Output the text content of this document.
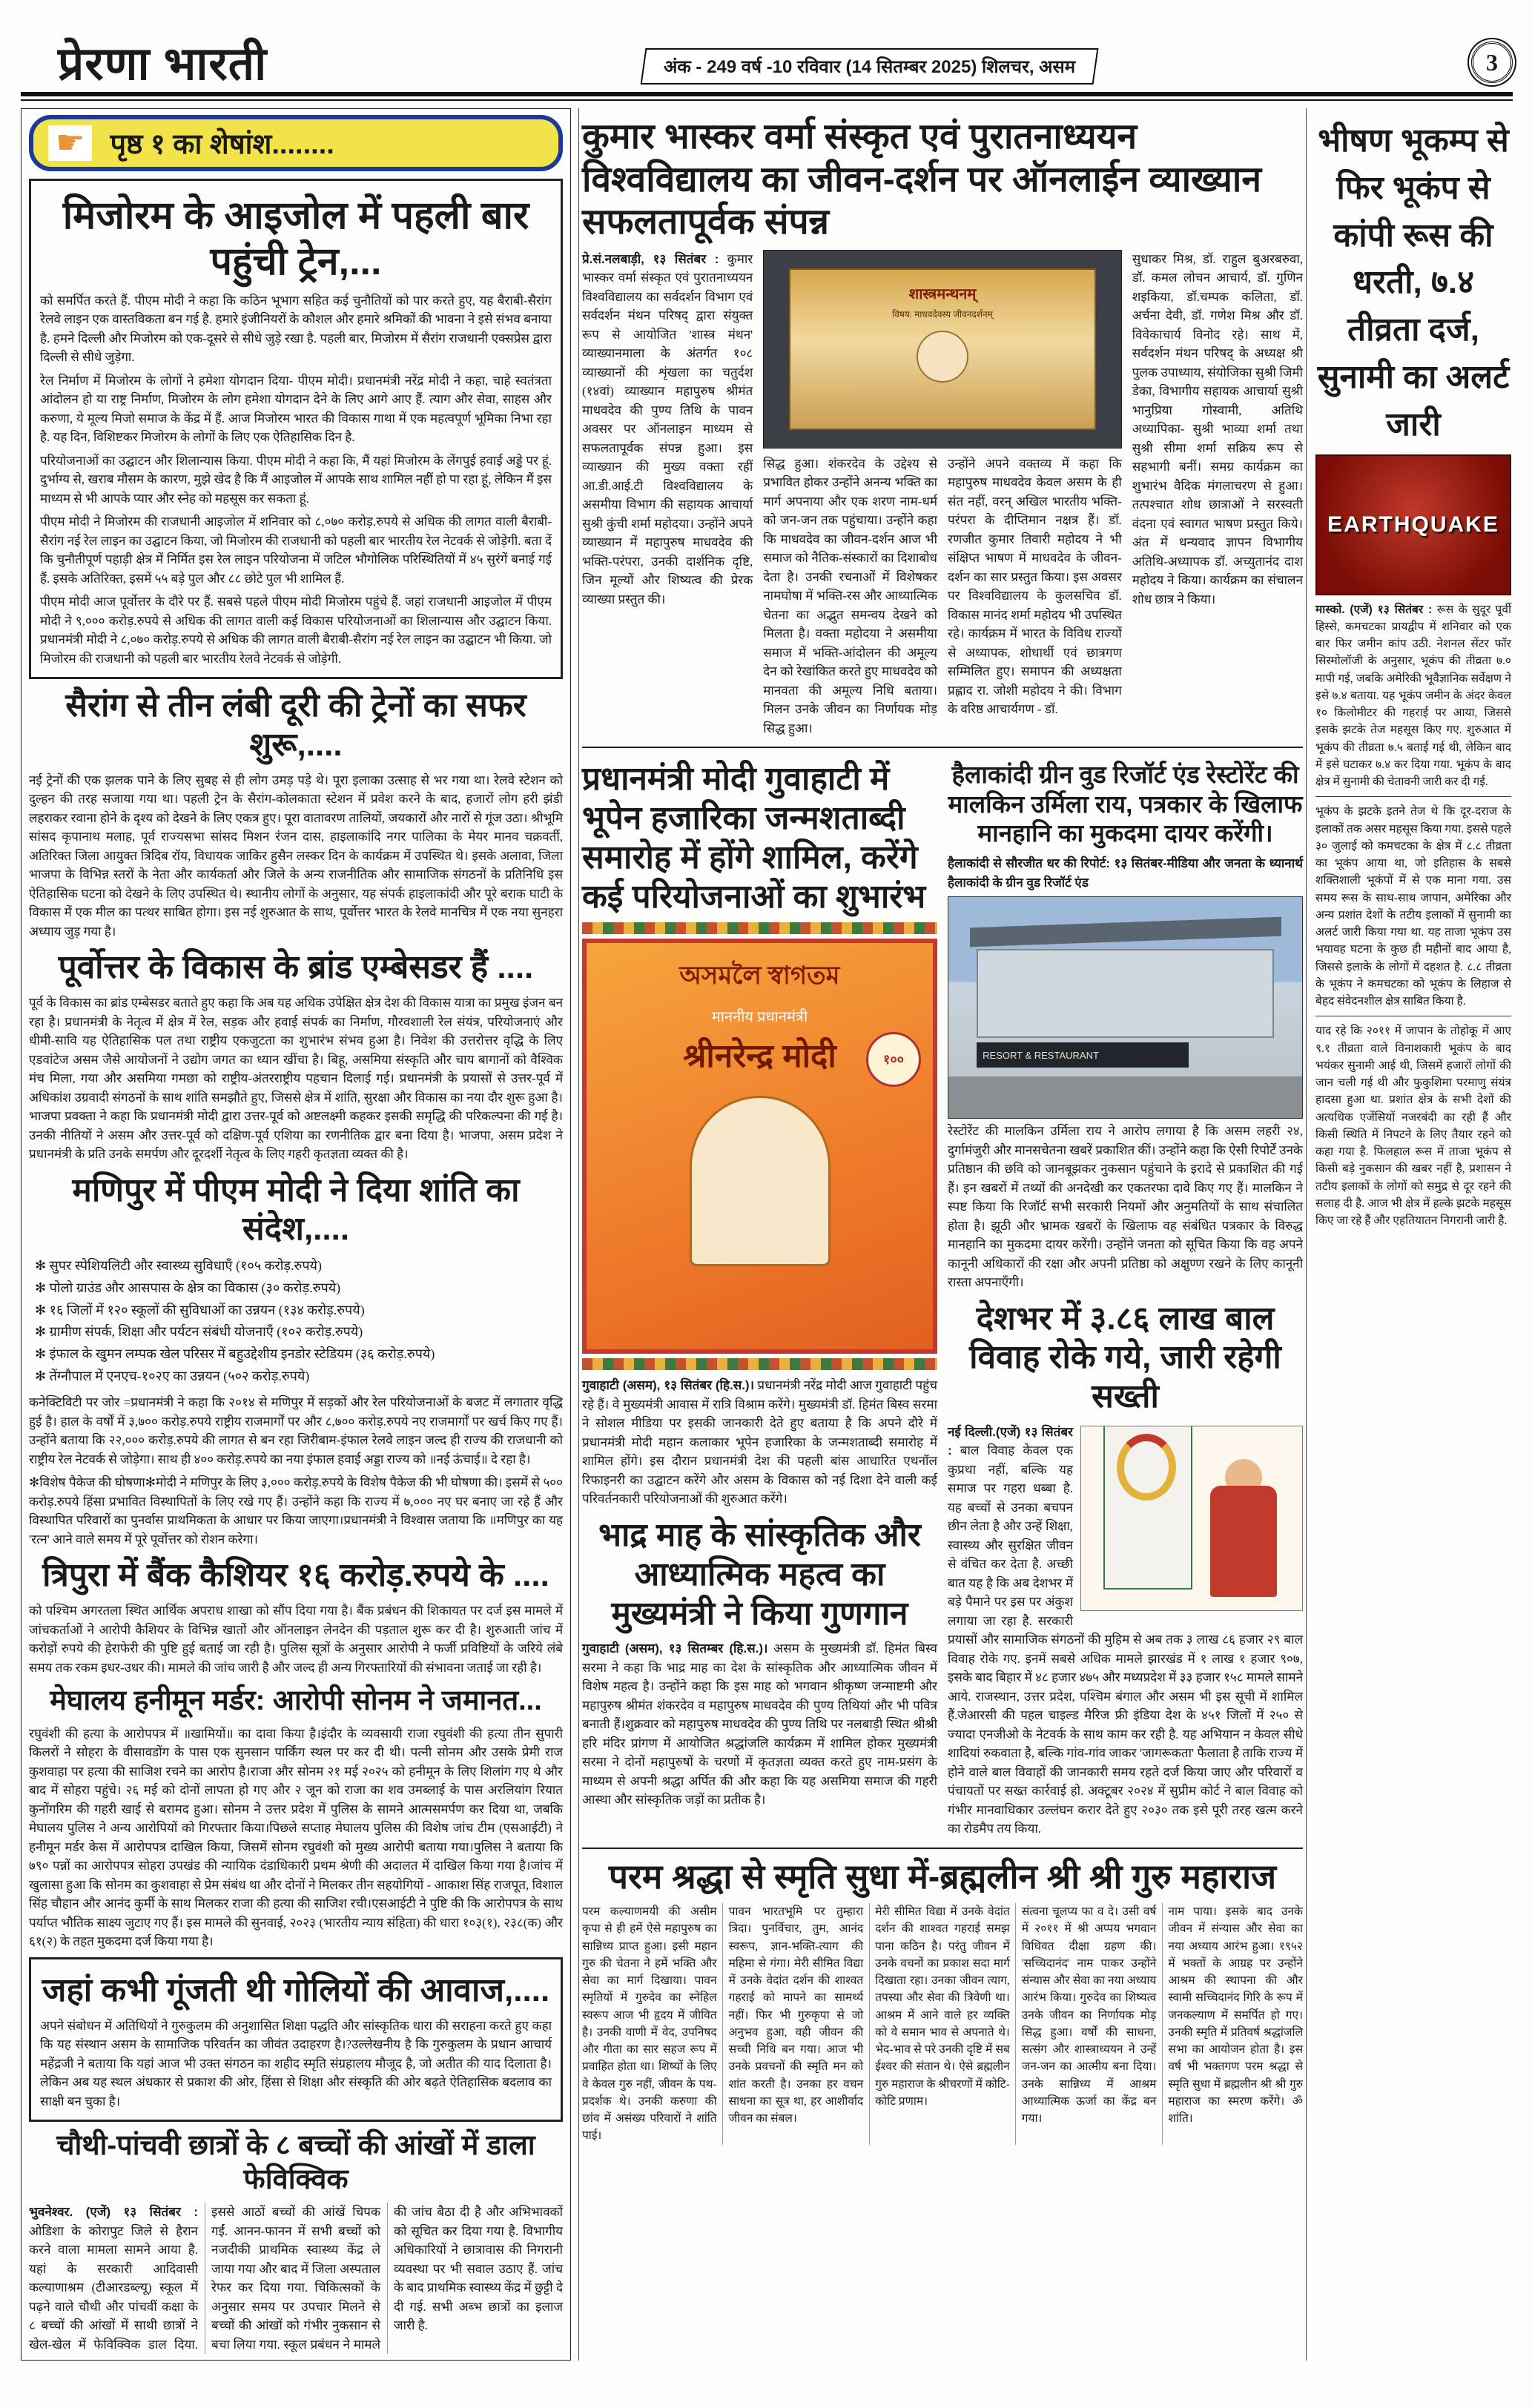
प्रेरणा भारती	अंक - 249 वर्ष -10 रविवार (14 सितम्बर 2025) शिलचर, असम	3
☛ पृष्ठ १ का शेषांश........
मिजोरम के आइजोल में पहली बार पहुंची ट्रेन,...

को समर्पित करते हैं. पीएम मोदी ने कहा कि कठिन भूभाग सहित कई चुनौतियों को पार करते हुए, यह बैराबी-सैरांग रेलवे लाइन एक वास्तविकता बन गई है. हमारे इंजीनियरों के कौशल और हमारे श्रमिकों की भावना ने इसे संभव बनाया है. हमने दिल्ली और मिजोरम को एक-दूसरे से सीधे जुड़े रखा है. पहली बार, मिजोरम में सैरांग राजधानी एक्सप्रेस द्वारा दिल्ली से सीधे जुड़ेगा.

रेल निर्माण में मिजोरम के लोगों ने हमेशा योगदान दिया- पीएम मोदी। प्रधानमंत्री नरेंद्र मोदी ने कहा, चाहे स्वतंत्रता आंदोलन हो या राष्ट्र निर्माण, मिजोरम के लोग हमेशा योगदान देने के लिए आगे आए हैं. त्याग और सेवा, साहस और करुणा, ये मूल्य मिजो समाज के केंद्र में हैं. आज मिजोरम भारत की विकास गाथा में एक महत्वपूर्ण भूमिका निभा रहा है. यह दिन, विशिष्टकर मिजोरम के लोगों के लिए एक ऐतिहासिक दिन है.

परियोजनाओं का उद्घाटन और शिलान्यास किया. पीएम मोदी ने कहा कि, मैं यहां मिजोरम के लेंगपुई हवाई अड्डे पर हूं. दुर्भाग्य से, खराब मौसम के कारण, मुझे खेद है कि मैं आइजोल में आपके साथ शामिल नहीं हो पा रहा हूं, लेकिन मैं इस माध्यम से भी आपके प्यार और स्नेह को महसूस कर सकता हूं.

पीएम मोदी ने मिजोरम की राजधानी आइजोल में शनिवार को ८,०७० करोड़.रुपये से अधिक की लागत वाली बैराबी-सैरांग नई रेल लाइन का उद्घाटन किया, जो मिजोरम की राजधानी को पहली बार भारतीय रेल नेटवर्क से जोड़ेगी. बता दें कि चुनौतीपूर्ण पहाड़ी क्षेत्र में निर्मित इस रेल लाइन परियोजना में जटिल भौगोलिक परिस्थितियों में ४५ सुरंगें बनाई गई हैं. इसके अतिरिक्त, इसमें ५५ बड़े पुल और ८८ छोटे पुल भी शामिल हैं.

पीएम मोदी आज पूर्वोत्तर के दौरे पर हैं. सबसे पहले पीएम मोदी मिजोरम पहुंचे हैं. जहां राजधानी आइजोल में पीएम मोदी ने ९,००० करोड़.रुपये से अधिक की लागत वाली कई विकास परियोजनाओं का शिलान्यास और उद्घाटन किया. प्रधानमंत्री मोदी ने ८,०७० करोड़.रुपये से अधिक की लागत वाली बैराबी-सैरांग नई रेल लाइन का उद्घाटन भी किया. जो मिजोरम की राजधानी को पहली बार भारतीय रेलवे नेटवर्क से जोड़ेगी.

सैरांग से तीन लंबी दूरी की ट्रेनों का सफर शुरू,....

नई ट्रेनों की एक झलक पाने के लिए सुबह से ही लोग उमड़ पड़े थे। पूरा इलाका उत्साह से भर गया था। रेलवे स्टेशन को दुल्हन की तरह सजाया गया था। पहली ट्रेन के सैरांग-कोलकाता स्टेशन में प्रवेश करने के बाद, हजारों लोग हरी झंडी लहराकर रवाना होने के दृश्य को देखने के लिए एकत्र हुए। पूरा वातावरण तालियों, जयकारों और नारों से गूंज उठा। श्रीभूमि सांसद कृपानाथ मलाह, पूर्व राज्यसभा सांसद मिशन रंजन दास, हाइलाकांदि नगर पालिका के मेयर मानव चक्रवर्ती, अतिरिक्त जिला आयुक्त त्रिदिब रॉय, विधायक जाकिर हुसैन लस्कर दिन के कार्यक्रम में उपस्थित थे। इसके अलावा, जिला भाजपा के विभिन्न स्तरों के नेता और कार्यकर्ता और जिले के अन्य राजनीतिक और सामाजिक संगठनों के प्रतिनिधि इस ऐतिहासिक घटना को देखने के लिए उपस्थित थे। स्थानीय लोगों के अनुसार, यह संपर्क हाइलाकांदी और पूरे बराक घाटी के विकास में एक मील का पत्थर साबित होगा। इस नई शुरुआत के साथ, पूर्वोत्तर भारत के रेलवे मानचित्र में एक नया सुनहरा अध्याय जुड़ गया है।

पूर्वोत्तर के विकास के ब्रांड एम्बेसडर हैं ....

पूर्व के विकास का ब्रांड एम्बेसडर बताते हुए कहा कि अब यह अधिक उपेक्षित क्षेत्र देश की विकास यात्रा का प्रमुख इंजन बन रहा है। प्रधानमंत्री के नेतृत्व में क्षेत्र में रेल, सड़क और हवाई संपर्क का निर्माण, गौरवशाली रेल संयंत्र, परियोजनाएं और धीमी-सावि यह ऐतिहासिक पल तथा राष्ट्रीय एकजुटता का शुभारंभ संभव हुआ है। निवेश की उत्तरोत्तर वृद्धि के लिए एडवांटेज असम जैसे आयोजनों ने उद्योग जगत का ध्यान खींचा है। बिहू, असमिया संस्कृति और चाय बागानों को वैश्विक मंच मिला, गया और असमिया गमछा को राष्ट्रीय-अंतरराष्ट्रीय पहचान दिलाई गई। प्रधानमंत्री के प्रयासों से उत्तर-पूर्व में अधिकांश उग्रवादी संगठनों के साथ शांति समझौते हुए, जिससे क्षेत्र में शांति, सुरक्षा और विकास का नया दौर शुरू हुआ है। भाजपा प्रवक्ता ने कहा कि प्रधानमंत्री मोदी द्वारा उत्तर-पूर्व को अष्टलक्ष्मी कहकर इसकी समृद्धि की परिकल्पना की गई है। उनकी नीतियों ने असम और उत्तर-पूर्व को दक्षिण-पूर्व एशिया का रणनीतिक द्वार बना दिया है। भाजपा, असम प्रदेश ने प्रधानमंत्री के प्रति उनके समर्पण और दूरदर्शी नेतृत्व के लिए गहरी कृतज्ञता व्यक्त की है।

मणिपुर में पीएम मोदी ने दिया शांति का संदेश,....
✻ सुपर स्पेशियलिटी और स्वास्थ्य सुविधाएँ (१०५ करोड़.रुपये)
✻ पोलो ग्राउंड और आसपास के क्षेत्र का विकास (३० करोड़.रुपये)
✻ १६ जिलों में १२० स्कूलों की सुविधाओं का उन्नयन (१३४ करोड़.रुपये)
✻ ग्रामीण संपर्क, शिक्षा और पर्यटन संबंधी योजनाएँ (१०२ करोड़.रुपये)
✻ इंफाल के खुमन लम्पक खेल परिसर में बहुउद्देशीय इनडोर स्टेडियम (३६ करोड़.रुपये)
✻ तेंग्नौपाल में एनएच-१०२ए का उन्नयन (५०२ करोड़.रुपये)

कनेक्टिविटी पर जोर =प्रधानमंत्री ने कहा कि २०१४ से मणिपुर में सड़कों और रेल परियोजनाओं के बजट में लगातार वृद्धि हुई है। हाल के वर्षों में ३,७०० करोड़.रुपये राष्ट्रीय राजमार्गों पर और ८,७०० करोड़.रुपये नए राजमार्गों पर खर्च किए गए हैं।उन्होंने बताया कि २२,००० करोड़.रुपये की लागत से बन रहा जिरीबाम-इंफाल रेलवे लाइन जल्द ही राज्य की राजधानी को राष्ट्रीय रेल नेटवर्क से जोड़ेगा। साथ ही ४०० करोड़.रुपये का नया इंफाल हवाई अड्डा राज्य को ॥नई ऊंचाई॥ दे रहा है।

✻विशेष पैकेज की घोषणा✻मोदी ने मणिपुर के लिए ३,००० करोड़.रुपये के विशेष पैकेज की भी घोषणा की। इसमें से ५०० करोड़.रुपये हिंसा प्रभावित विस्थापितों के लिए रखे गए हैं। उन्होंने कहा कि राज्य में ७,००० नए घर बनाए जा रहे हैं और विस्थापित परिवारों का पुनर्वास प्राथमिकता के आधार पर किया जाएगा।प्रधानमंत्री ने विश्वास जताया कि ॥मणिपुर का यह 'रत्न' आने वाले समय में पूरे पूर्वोत्तर को रोशन करेगा।

त्रिपुरा में बैंक कैशियर १६ करोड़.रुपये के ....

को पश्चिम अगरतला स्थित आर्थिक अपराध शाखा को सौंप दिया गया है। बैंक प्रबंधन की शिकायत पर दर्ज इस मामले में जांचकर्ताओं ने आरोपी कैशियर के विभिन्न खातों और ऑनलाइन लेनदेन की पड़ताल शुरू कर दी है। शुरुआती जांच में करोड़ों रुपये की हेराफेरी की पुष्टि हुई बताई जा रही है। पुलिस सूत्रों के अनुसार आरोपी ने फर्जी प्रविष्टियों के जरिये लंबे समय तक रकम इधर-उधर की। मामले की जांच जारी है और जल्द ही अन्य गिरफ्तारियों की संभावना जताई जा रही है।

मेघालय हनीमून मर्डर: आरोपी सोनम ने जमानत...

रघुवंशी की हत्या के आरोपपत्र में ॥खामियों॥ का दावा किया है।इंदौर के व्यवसायी राजा रघुवंशी की हत्या तीन सुपारी किलरों ने सोहरा के वीसावडोंग के पास एक सुनसान पार्किंग स्थल पर कर दी थी। पत्नी सोनम और उसके प्रेमी राज कुशवाहा पर हत्या की साजिश रचने का आरोप है।राजा और सोनम २१ मई २०२५ को हनीमून के लिए शिलांग गए थे और बाद में सोहरा पहुंचे। २६ मई को दोनों लापता हो गए और २ जून को राजा का शव उमब्लाई के पास अरलियांग रियात कुनोंगरिम की गहरी खाई से बरामद हुआ। सोनम ने उत्तर प्रदेश में पुलिस के सामने आत्मसमर्पण कर दिया था, जबकि मेघालय पुलिस ने अन्य आरोपियों को गिरफ्तार किया।पिछले सप्ताह मेघालय पुलिस की विशेष जांच टीम (एसआईटी) ने हनीमून मर्डर केस में आरोपपत्र दाखिल किया, जिसमें सोनम रघुवंशी को मुख्य आरोपी बताया गया।पुलिस ने बताया कि ७९० पन्नों का आरोपपत्र सोहरा उपखंड की न्यायिक दंडाधिकारी प्रथम श्रेणी की अदालत में दाखिल किया गया है।जांच में खुलासा हुआ कि सोनम का कुशवाहा से प्रेम संबंध था और दोनों ने मिलकर तीन सहयोगियों - आकाश सिंह राजपूत, विशाल सिंह चौहान और आनंद कुर्मी के साथ मिलकर राजा की हत्या की साजिश रची।एसआईटी ने पुष्टि की कि आरोपपत्र के साथ पर्याप्त भौतिक साक्ष्य जुटाए गए हैं। इस मामले की सुनवाई, २०२३ (भारतीय न्याय संहिता) की धारा १०३(१), २३८(क) और ६१(२) के तहत मुकदमा दर्ज किया गया है।

जहां कभी गूंजती थी गोलियों की आवाज,....

अपने संबोधन में अतिथियों ने गुरुकुलम की अनुशासित शिक्षा पद्धति और सांस्कृतिक धारा की सराहना करते हुए कहा कि यह संस्थान असम के सामाजिक परिवर्तन का जीवंत उदाहरण है।?उल्लेखनीय है कि गुरुकुलम के प्रधान आचार्य महेंद्रजी ने बताया कि यहां आज भी उक्त संगठन का शहीद स्मृति संग्रहालय मौजूद है, जो अतीत की याद दिलाता है। लेकिन अब यह स्थल अंधकार से प्रकाश की ओर, हिंसा से शिक्षा और संस्कृति की ओर बढ़ते ऐतिहासिक बदलाव का साक्षी बन चुका है।

चौथी-पांचवी छात्रों के ८ बच्चों की आंखों में डाला फेविक्विक

भुवनेश्वर. (एजें) १३ सितंबर : ओडिशा के कोरापुट जिले से हैरान करने वाला मामला सामने आया है. यहां के सरकारी आदिवासी कल्याणाश्रम (टीआरडब्ल्यू) स्कूल में पढ़ने वाले चौथी और पांचवीं कक्षा के ८ बच्चों की आंखों में साथी छात्रों ने खेल-खेल में फेविक्विक डाल दिया. इससे आठों बच्चों की आंखें चिपक गईं. आनन-फानन में सभी बच्चों को नजदीकी प्राथमिक स्वास्थ्य केंद्र ले जाया गया और बाद में जिला अस्पताल रेफर कर दिया गया. चिकित्सकों के अनुसार समय पर उपचार मिलने से बच्चों की आंखों को गंभीर नुकसान से बचा लिया गया. स्कूल प्रबंधन ने मामले की जांच बैठा दी है और अभिभावकों को सूचित कर दिया गया है. विभागीय अधिकारियों ने छात्रावास की निगरानी व्यवस्था पर भी सवाल उठाए हैं. जांच के बाद प्राथमिक स्वास्थ्य केंद्र में छुट्टी दे दी गई. सभी अब्भ छात्रों का इलाज जारी है.

कुमार भास्कर वर्मा संस्कृत एवं पुरातनाध्ययन विश्वविद्यालय का जीवन-दर्शन पर ऑनलाईन व्याख्यान सफलतापूर्वक संपन्न

प्रे.सं.नलबाड़ी, १३ सितंबर : कुमार भास्कर वर्मा संस्कृत एवं पुरातनाध्ययन विश्वविद्यालय का सर्वदर्शन विभाग एवं सर्वदर्शन मंथन परिषद् द्वारा संयुक्त रूप से आयोजित 'शास्त्र मंथन' व्याख्यानमाला के अंतर्गत १०८ व्याख्यानों की शृंखला का चतुर्दश (१४वां) व्याख्यान महापुरुष श्रीमंत माधवदेव की पुण्य तिथि के पावन अवसर पर ऑनलाइन माध्यम से सफलतापूर्वक संपन्न हुआ। इस व्याख्यान की मुख्य वक्ता रहीं आ.डी.आई.टी विश्वविद्यालय के असमीया विभाग की सहायक आचार्या सुश्री कुंची शर्मा महोदया। उन्होंने अपने व्याख्यान में महापुरुष माधवदेव की भक्ति-परंपरा, उनकी दार्शनिक दृष्टि, जिन मूल्यों और शिष्यत्व की प्रेरक व्याख्या प्रस्तुत की।

शास्त्रमन्थनम्
विषय: माधवदेवस्य जीवनदर्शनम्

सिद्ध हुआ। शंकरदेव के उद्देश्य से प्रभावित होकर उन्होंने अनन्य भक्ति का मार्ग अपनाया और एक शरण नाम-धर्म को जन-जन तक पहुंचाया। उन्होंने कहा कि माधवदेव का जीवन-दर्शन आज भी समाज को नैतिक-संस्कारों का दिशाबोध देता है। उनकी रचनाओं में विशेषकर नामघोषा में भक्ति-रस और आध्यात्मिक चेतना का अद्भुत समन्वय देखने को मिलता है। वक्ता महोदया ने असमीया समाज में भक्ति-आंदोलन की अमूल्य देन को रेखांकित करते हुए माधवदेव को मानवता की अमूल्य निधि बताया। मिलन उनके जीवन का निर्णायक मोड़ सिद्ध हुआ।

उन्होंने अपने वक्तव्य में कहा कि महापुरुष माधवदेव केवल असम के ही संत नहीं, वरन् अखिल भारतीय भक्ति-परंपरा के दीप्तिमान नक्षत्र हैं। डॉ. रणजीत कुमार तिवारी महोदय ने भी संक्षिप्त भाषण में माधवदेव के जीवन-दर्शन का सार प्रस्तुत किया। इस अवसर पर विश्वविद्यालय के कुलसचिव डॉ. विकास मानंद शर्मा महोदय भी उपस्थित रहे। कार्यक्रम में भारत के विविध राज्यों से अध्यापक, शोधार्थी एवं छात्रगण सम्मिलित हुए। समापन की अध्यक्षता प्रह्लाद रा. जोशी महोदय ने की। विभाग के वरिष्ठ आचार्यगण - डॉ.

सुधाकर मिश्र, डॉ. राहुल बुअरबरुवा, डॉ. कमल लोचन आचार्य, डॉ. गुणिन शइकिया, डॉ.चम्पक कलिता, डॉ. अर्चना देवी, डॉ. गणेश मिश्र और डॉ. विवेकाचार्य विनोद रहे। साथ में, सर्वदर्शन मंथन परिषद् के अध्यक्ष श्री पुलक उपाध्याय, संयोजिका सुश्री जिमी डेका, विभागीय सहायक आचार्या सुश्री भानुप्रिया गोस्वामी, अतिथि अध्यापिका- सुश्री भाव्या शर्मा तथा सुश्री सीमा शर्मा सक्रिय रूप से सहभागी बनीं। समग्र कार्यक्रम का शुभारंभ वैदिक मंगलाचरण से हुआ। तत्पश्चात शोध छात्राओं ने सरस्वती वंदना एवं स्वागत भाषण प्रस्तुत किये। अंत में धन्यवाद ज्ञापन विभागीय अतिथि-अध्यापक डॉ. अच्युतानंद दाश महोदय ने किया। कार्यक्रम का संचालन शोध छात्र ने किया।

प्रधानमंत्री मोदी गुवाहाटी में भूपेन हजारिका जन्मशताब्दी समारोह में होंगे शामिल, करेंगे कई परियोजनाओं का शुभारंभ
অসমলৈ স্বাগতম
माननीय प्रधानमंत्री
श्रीनरेन्द्र मोदी	१००

गुवाहाटी (असम), १३ सितंबर (हि.स.)। प्रधानमंत्री नरेंद्र मोदी आज गुवाहाटी पहुंच रहे हैं। वे मुख्यमंत्री आवास में रात्रि विश्राम करेंगे। मुख्यमंत्री डॉ. हिमंत बिस्व सरमा ने सोशल मीडिया पर इसकी जानकारी देते हुए बताया है कि अपने दौरे में प्रधानमंत्री मोदी महान कलाकार भूपेन हजारिका के जन्मशताब्दी समारोह में शामिल होंगे। इस दौरान प्रधानमंत्री देश की पहली बांस आधारित एथनॉल रिफाइनरी का उद्घाटन करेंगे और असम के विकास को नई दिशा देने वाली कई परिवर्तनकारी परियोजनाओं की शुरुआत करेंगे।

भाद्र माह के सांस्कृतिक और आध्यात्मिक महत्व का मुख्यमंत्री ने किया गुणगान

गुवाहाटी (असम), १३ सितम्बर (हि.स.)। असम के मुख्यमंत्री डॉ. हिमंत बिस्व सरमा ने कहा कि भाद्र माह का देश के सांस्कृतिक और आध्यात्मिक जीवन में विशेष महत्व है। उन्होंने कहा कि इस माह को भगवान श्रीकृष्ण जन्माष्टमी और महापुरुष श्रीमंत शंकरदेव व महापुरुष माधवदेव की पुण्य तिथियां और भी पवित्र बनाती हैं।शुक्रवार को महापुरुष माधवदेव की पुण्य तिथि पर नलबाड़ी स्थित श्रीश्री हरि मंदिर प्रांगण में आयोजित श्रद्धांजलि कार्यक्रम में शामिल होकर मुख्यमंत्री सरमा ने दोनों महापुरुषों के चरणों में कृतज्ञता व्यक्त करते हुए नाम-प्रसंग के माध्यम से अपनी श्रद्धा अर्पित की और कहा कि यह असमिया समाज की गहरी आस्था और सांस्कृतिक जड़ों का प्रतीक है।

हैलाकांदी ग्रीन वुड रिजॉर्ट एंड रेस्टोरेंट की मालकिन उर्मिला राय, पत्रकार के खिलाफ मानहानि का मुकदमा दायर करेंगी।

हैलाकांदी से सौरजीत धर की रिपोर्ट: १३ सितंबर-मीडिया और जनता के ध्यानार्थ हैलाकांदी के ग्रीन वुड रिजॉर्ट एंड

RESORT & RESTAURANT

रेस्टोरेंट की मालकिन उर्मिला राय ने आरोप लगाया है कि असम लहरी २४, दुर्गामंजुरी और मानसचेतना खबरें प्रकाशित कीं। उन्होंने कहा कि ऐसी रिपोर्टें उनके प्रतिष्ठान की छवि को जानबूझकर नुकसान पहुंचाने के इरादे से प्रकाशित की गई हैं। इन खबरों में तथ्यों की अनदेखी कर एकतरफा दावे किए गए हैं। मालकिन ने स्पष्ट किया कि रिजॉर्ट सभी सरकारी नियमों और अनुमतियों के साथ संचालित होता है। झूठी और भ्रामक खबरों के खिलाफ वह संबंधित पत्रकार के विरुद्ध मानहानि का मुकदमा दायर करेंगी। उन्होंने जनता को सूचित किया कि वह अपने कानूनी अधिकारों की रक्षा और अपनी प्रतिष्ठा को अक्षुण्ण रखने के लिए कानूनी रास्ता अपनाएँगी।

देशभर में ३.८६ लाख बाल विवाह रोके गये, जारी रहेगी सख्ती

नई दिल्ली.(एजें) १३ सितंबर : बाल विवाह केवल एक कुप्रथा नहीं, बल्कि यह समाज पर गहरा धब्बा है. यह बच्चों से उनका बचपन छीन लेता है और उन्हें शिक्षा, स्वास्थ्य और सुरक्षित जीवन से वंचित कर देता है. अच्छी बात यह है कि अब देशभर में बड़े पैमाने पर इस पर अंकुश लगाया जा रहा है. सरकारी प्रयासों और सामाजिक संगठनों की मुहिम से अब तक ३ लाख ८६ हजार २९ बाल विवाह रोके गए. इनमें सबसे अधिक मामले झारखंड में १ लाख १ हजार ९०७, इसके बाद बिहार में ४८ हजार ४७५ और मध्यप्रदेश में ३३ हजार १५८ मामले सामने आये. राजस्थान, उत्तर प्रदेश, पश्चिम बंगाल और असम भी इस सूची में शामिल हैं.जेआरसी की पहल चाइल्ड मैरिज फ्री इंडिया देश के ४५१ जिलों में २५० से ज्यादा एनजीओ के नेटवर्क के साथ काम कर रही है. यह अभियान न केवल सीधे शादियां रुकवाता है, बल्कि गांव-गांव जाकर 'जागरूकता' फैलाता है ताकि राज्य में होने वाले बाल विवाहों की जानकारी समय रहते दर्ज किया जाए और परिवारों व पंचायतों पर सख्त कार्रवाई हो. अक्टूबर २०२४ में सुप्रीम कोर्ट ने बाल विवाह को गंभीर मानवाधिकार उल्लंघन करार देते हुए २०३० तक इसे पूरी तरह खत्म करने का रोडमैप तय किया.

परम श्रद्धा से स्मृति सुधा में-ब्रह्मलीन श्री श्री गुरु महाराज

परम कल्याणमयी की असीम कृपा से ही हमें ऐसे महापुरुष का सान्निध्य प्राप्त हुआ। इसी महान गुरु की चेतना ने हमें भक्ति और सेवा का मार्ग दिखाया। पावन स्मृतियों में गुरुदेव का स्नेहिल स्वरूप आज भी हृदय में जीवित है। उनकी वाणी में वेद, उपनिषद और गीता का सार सहज रूप में प्रवाहित होता था। शिष्यों के लिए वे केवल गुरु नहीं, जीवन के पथ-प्रदर्शक थे। उनकी करुणा की छांव में असंख्य परिवारों ने शांति पाई।

पावन भारतभूमि पर तुम्हारा त्रिदा। पुनर्विचार, तुम, आनंद स्वरूप, ज्ञान-भक्ति-त्याग की महिमा से गंगा। मेरी सीमित विद्या में उनके वेदांत दर्शन की शाश्वत गहराई को मापने का सामर्थ्य नहीं। फिर भी गुरुकृपा से जो अनुभव हुआ, वही जीवन की सच्ची निधि बन गया। आज भी उनके प्रवचनों की स्मृति मन को शांत करती है। उनका हर वचन साधना का सूत्र था, हर आशीर्वाद जीवन का संबल।

मेरी सीमित विद्या में उनके वेदांत दर्शन की शाश्वत गहराई समझ पाना कठिन है। परंतु जीवन में उनके वचनों का प्रकाश सदा मार्ग दिखाता रहा। उनका जीवन त्याग, तपस्या और सेवा की त्रिवेणी था। आश्रम में आने वाले हर व्यक्ति को वे समान भाव से अपनाते थे। भेद-भाव से परे उनकी दृष्टि में सब ईश्वर की संतान थे। ऐसे ब्रह्मलीन गुरु महाराज के श्रीचरणों में कोटि-कोटि प्रणाम।

संत्वना चूलप्य फा व दे। उसी वर्ष में २०११ में श्री अप्पय भगवान विधिवत दीक्षा ग्रहण की। 'सच्चिदानंद' नाम पाकर उन्होंने संन्यास और सेवा का नया अध्याय आरंभ किया। गुरुदेव का शिष्यत्व उनके जीवन का निर्णायक मोड़ सिद्ध हुआ। वर्षों की साधना, सत्संग और शास्त्राध्ययन ने उन्हें जन-जन का आत्मीय बना दिया। उनके सान्निध्य में आश्रम आध्यात्मिक ऊर्जा का केंद्र बन गया।

नाम पाया। इसके बाद उनके जीवन में संन्यास और सेवा का नया अध्याय आरंभ हुआ। १९५२ में भक्तों के आग्रह पर उन्होंने आश्रम की स्थापना की और स्वामी सच्चिदानंद गिरि के रूप में जनकल्याण में समर्पित हो गए। उनकी स्मृति में प्रतिवर्ष श्रद्धांजलि सभा का आयोजन होता है। इस वर्ष भी भक्तगण परम श्रद्धा से स्मृति सुधा में ब्रह्मलीन श्री श्री गुरु महाराज का स्मरण करेंगे। ॐ शांति।

भीषण भूकम्प से फिर भूकंप से कांपी रूस की धरती, ७.४ तीव्रता दर्ज, सुनामी का अलर्ट जारी
EARTHQUAKE

मास्को. (एजें) १३ सितंबर : रूस के सुदूर पूर्वी हिस्से, कमचटका प्रायद्वीप में शनिवार को एक बार फिर जमीन कांप उठी. नेशनल सेंटर फॉर सिस्मोलॉजी के अनुसार, भूकंप की तीव्रता ७.० मापी गई, जबकि अमेरिकी भूवैज्ञानिक सर्वेक्षण ने इसे ७.४ बताया. यह भूकंप जमीन के अंदर केवल १० किलोमीटर की गहराई पर आया, जिससे इसके झटके तेज महसूस किए गए. शुरुआत में भूकंप की तीव्रता ७.५ बताई गई थी, लेकिन बाद में इसे घटाकर ७.४ कर दिया गया. भूकंप के बाद क्षेत्र में सुनामी की चेतावनी जारी कर दी गई.

भूकंप के झटके इतने तेज थे कि दूर-दराज के इलाकों तक असर महसूस किया गया. इससे पहले ३० जुलाई को कमचटका के क्षेत्र में ८.८ तीव्रता का भूकंप आया था, जो इतिहास के सबसे शक्तिशाली भूकंपों में से एक माना गया. उस समय रूस के साथ-साथ जापान, अमेरिका और अन्य प्रशांत देशों के तटीय इलाकों में सुनामी का अलर्ट जारी किया गया था. यह ताजा भूकंप उस भयावह घटना के कुछ ही महीनों बाद आया है, जिससे इलाके के लोगों में दहशत है. ८.८ तीव्रता के भूकंप ने कमचटका को भूकंप के लिहाज से बेहद संवेदनशील क्षेत्र साबित किया है.

याद रहे कि २०११ में जापान के तोहोकू में आए ९.१ तीव्रता वाले विनाशकारी भूकंप के बाद भयंकर सुनामी आई थी, जिसमें हजारों लोगों की जान चली गई थी और फुकुशिमा परमाणु संयंत्र हादसा हुआ था. प्रशांत क्षेत्र के सभी देशों की अत्यधिक एजेंसियों नजरबंदी का रही हैं और किसी स्थिति में निपटने के लिए तैयार रहने को कहा गया है. फिलहाल रूस में ताजा भूकंप से किसी बड़े नुकसान की खबर नहीं है, प्रशासन ने तटीय इलाकों के लोगों को समुद्र से दूर रहने की सलाह दी है. आज भी क्षेत्र में हल्के झटके महसूस किए जा रहे हैं और एहतियातन निगरानी जारी है.
